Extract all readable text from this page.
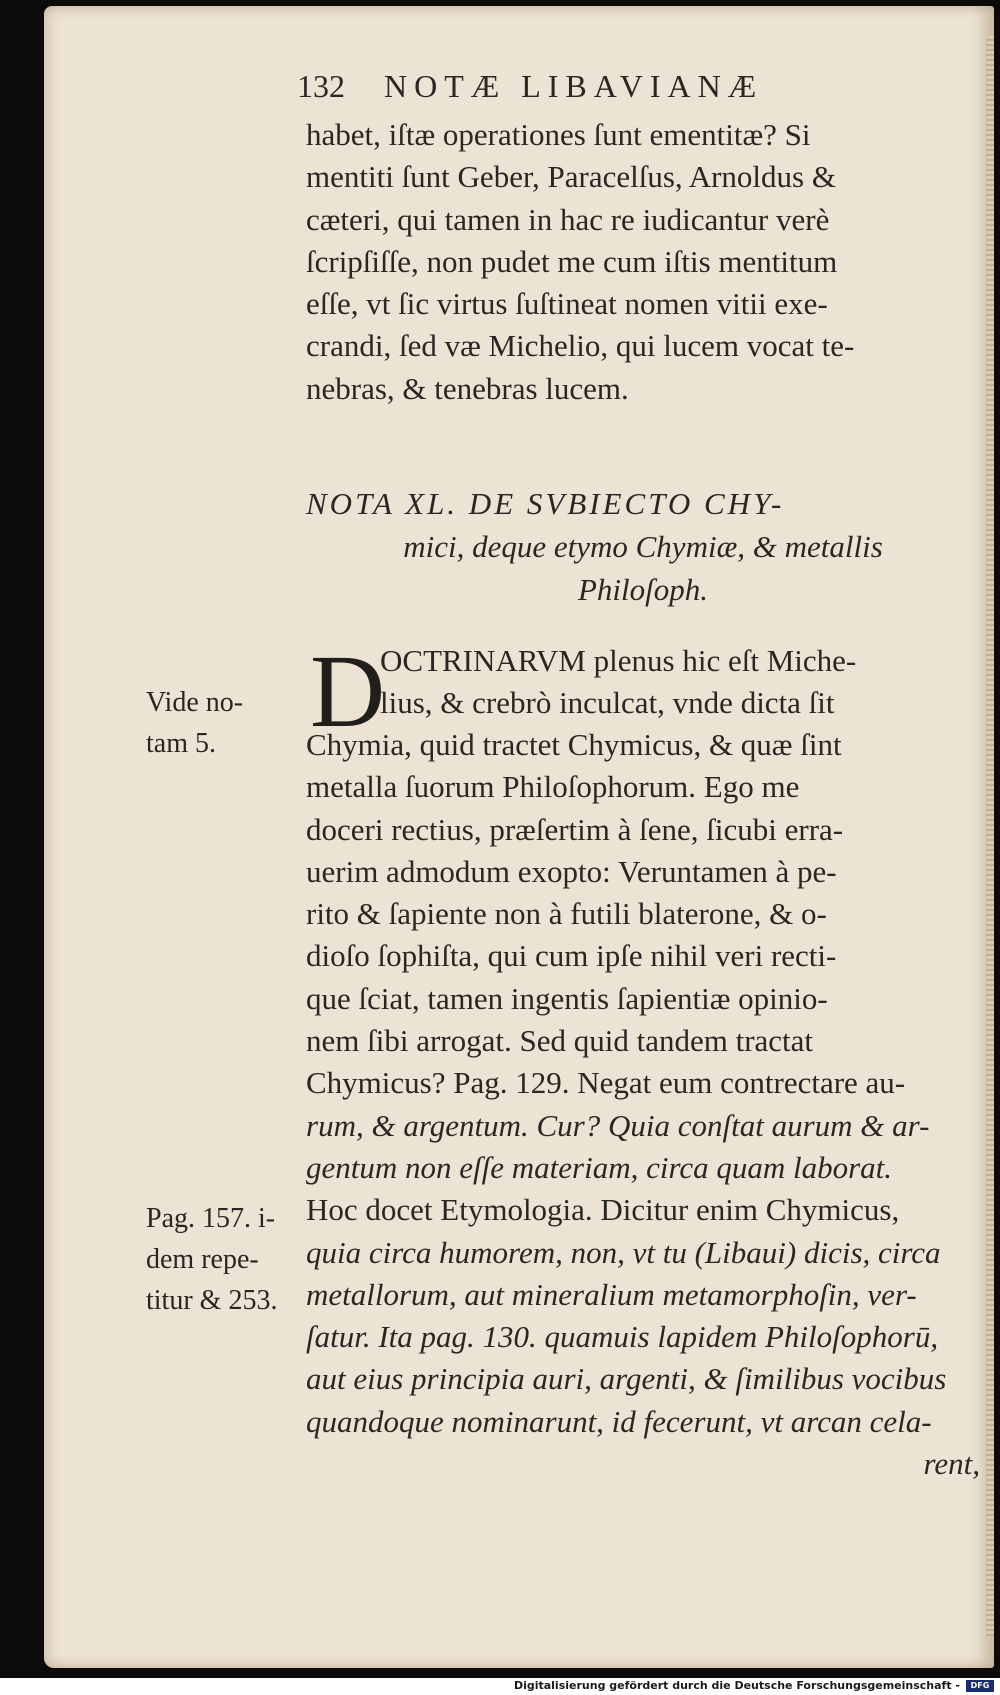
132 NOTÆ LIBAVIANÆ
habet, iſtæ operationes ſunt ementitæ? Si
mentiti ſunt Geber, Paracelſus, Arnoldus &
cæteri, qui tamen in hac re iudicantur verè
ſcripſiſſe, non pudet me cum iſtis mentitum
eſſe, vt ſic virtus ſuſtineat nomen vitii exe-
crandi, ſed væ Michelio, qui lucem vocat te-
nebras, & tenebras lucem.
NOTA XL. DE SVBIECTO CHY-
mici, deque etymo Chymiæ, & metallis
Philoſoph.
D
OCTRINARVM plenus hic eſt Miche-
lius, & crebrò inculcat, vnde dicta ſit
Chymia, quid tractet Chymicus, & quæ ſint
metalla ſuorum Philoſophorum. Ego me
doceri rectius, præſertim à ſene, ſicubi erra-
uerim admodum exopto: Veruntamen à pe-
rito & ſapiente non à futili blaterone, & o-
dioſo ſophiſta, qui cum ipſe nihil veri recti-
que ſciat, tamen ingentis ſapientiæ opinio-
nem ſibi arrogat. Sed quid tandem tractat
Chymicus? Pag. 129. Negat eum contrectare au-
rum, & argentum. Cur? Quia conſtat aurum & ar-
gentum non eſſe materiam, circa quam laborat.
Hoc docet Etymologia. Dicitur enim Chymicus,
quia circa humorem, non, vt tu (Libaui) dicis, circa
metallorum, aut mineralium metamorphoſin, ver-
ſatur. Ita pag. 130. quamuis lapidem Philoſophorū,
aut eius principia auri, argenti, & ſimilibus vocibus
quandoque nominarunt, id fecerunt, vt arcan cela-
rent,
Vide no-
tam 5.
Pag. 157. i-
dem repe-
titur & 253.
Digitalisierung gefördert durch die Deutsche Forschungsgemeinschaft -	DFG
